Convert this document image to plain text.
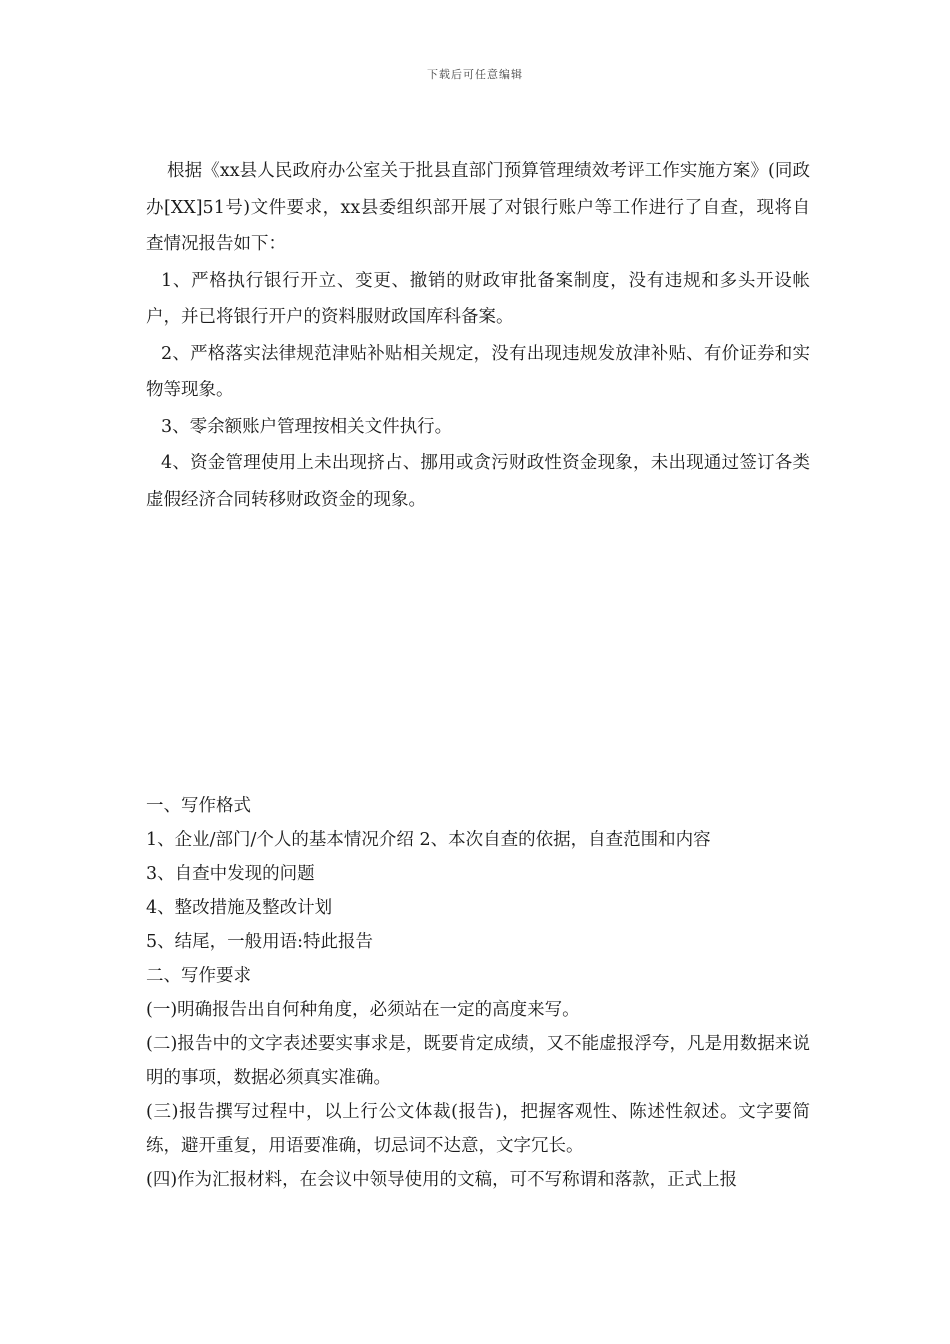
下载后可任意编辑

根据《xx县人民政府办公室关于批县直部门预算管理绩效考评工作实施方案》(同政办[XX]51号)文件要求，xx县委组织部开展了对银行账户等工作进行了自查，现将自查情况报告如下：

1、严格执行银行开立、变更、撤销的财政审批备案制度，没有违规和多头开设帐户，并已将银行开户的资料服财政国库科备案。

2、严格落实法律规范津贴补贴相关规定，没有出现违规发放津补贴、有价证券和实物等现象。

3、零余额账户管理按相关文件执行。

4、资金管理使用上未出现挤占、挪用或贪污财政性资金现象，未出现通过签订各类虚假经济合同转移财政资金的现象。

一、写作格式

1、企业/部门/个人的基本情况介绍 2、本次自查的依据，自查范围和内容

3、自查中发现的问题

4、整改措施及整改计划

5、结尾，一般用语:特此报告

二、写作要求

(一)明确报告出自何种角度，必须站在一定的高度来写。

(二)报告中的文字表述要实事求是，既要肯定成绩，又不能虚报浮夸，凡是用数据来说明的事项，数据必须真实准确。

(三)报告撰写过程中，以上行公文体裁(报告)，把握客观性、陈述性叙述。文字要简练，避开重复，用语要准确，切忌词不达意，文字冗长。

(四)作为汇报材料，在会议中领导使用的文稿，可不写称谓和落款，正式上报
